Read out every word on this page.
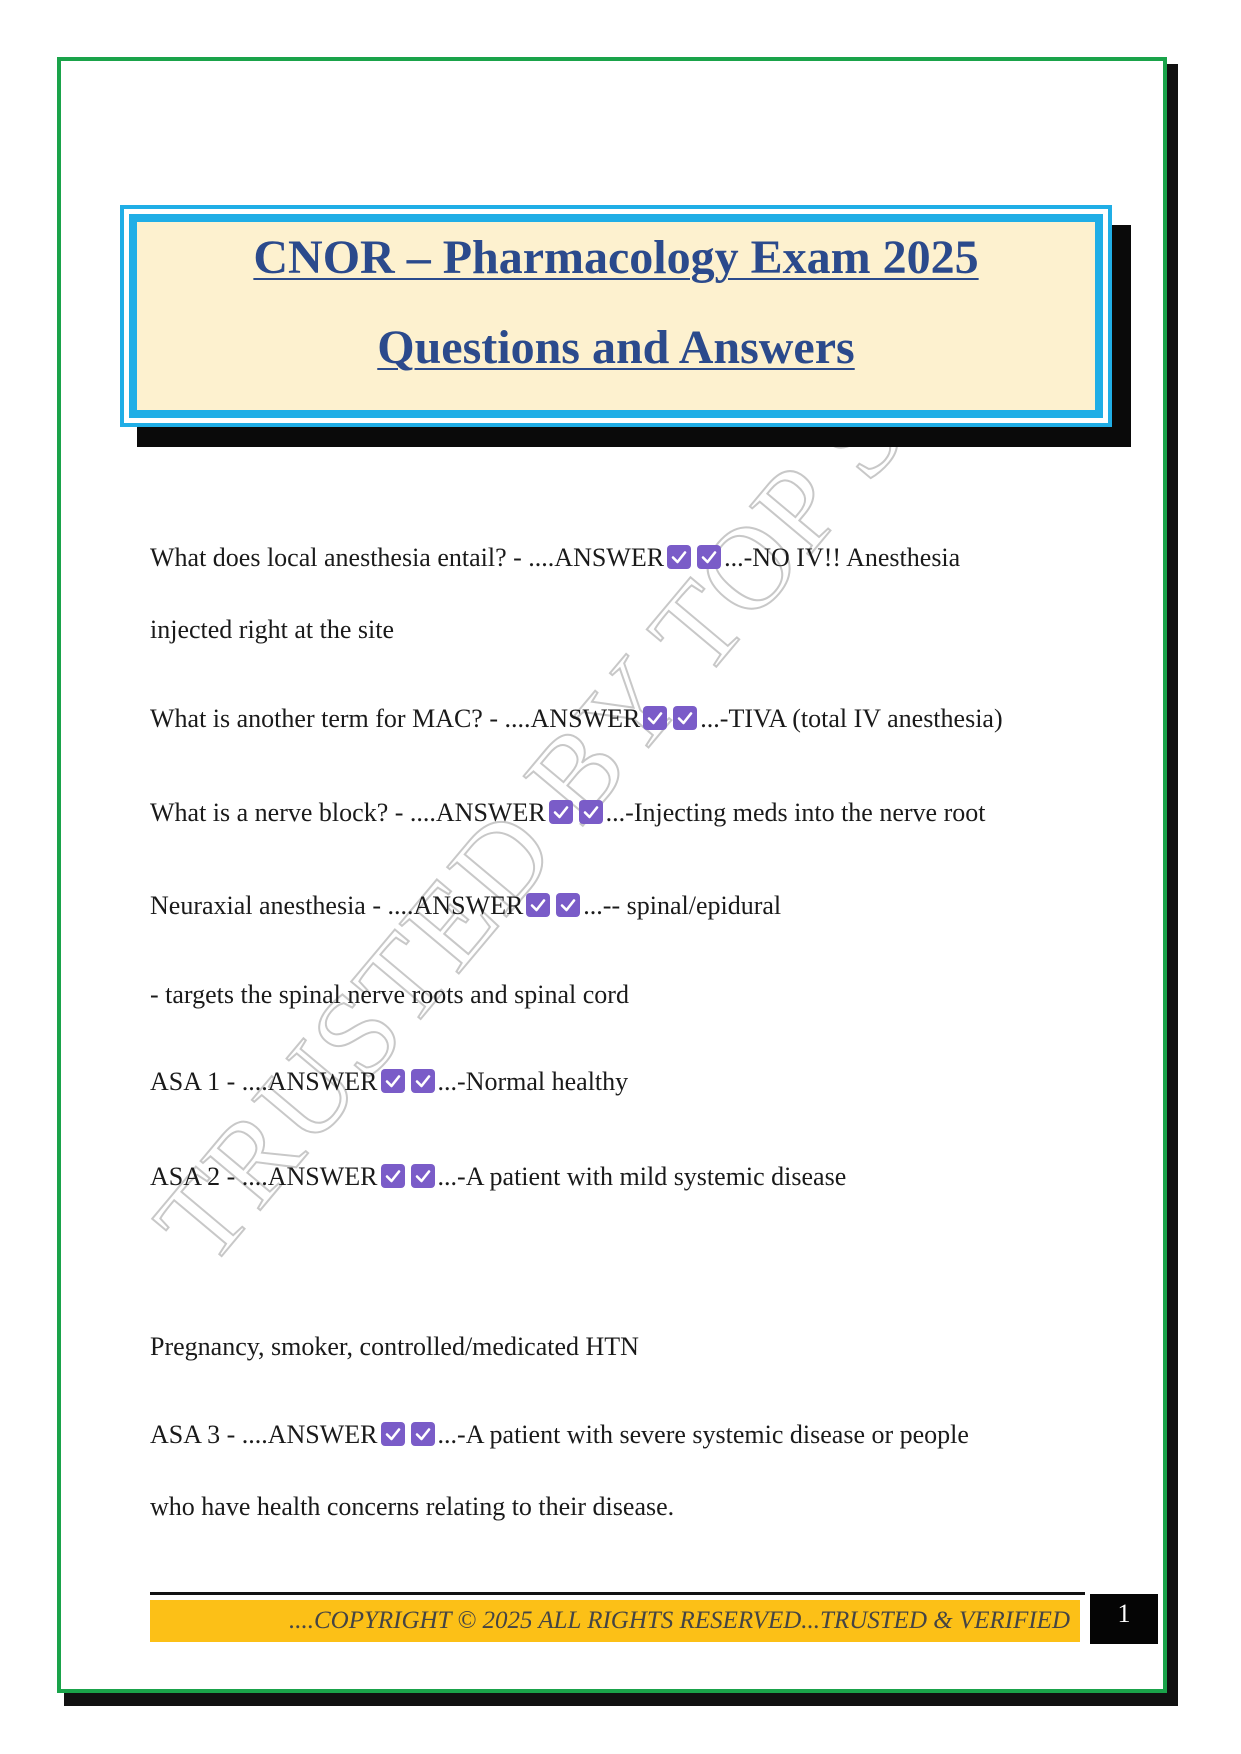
CNOR – Pharmacology Exam 2025
Questions and Answers
What does local anesthesia entail? - ....ANSWER ...-NO IV!! Anesthesia
injected right at the site
What is another term for MAC? - ....ANSWER ...-TIVA (total IV anesthesia)
What is a nerve block? - ....ANSWER ...-Injecting meds into the nerve root
Neuraxial anesthesia - ....ANSWER ...-- spinal/epidural
- targets the spinal nerve roots and spinal cord
ASA 1 - ....ANSWER ...-Normal healthy
ASA 2 - ....ANSWER ...-A patient with mild systemic disease
Pregnancy, smoker, controlled/medicated HTN
ASA 3 - ....ANSWER ...-A patient with severe systemic disease or people
who have health concerns relating to their disease.
....COPYRIGHT © 2025 ALL RIGHTS RESERVED...TRUSTED & VERIFIED	1
